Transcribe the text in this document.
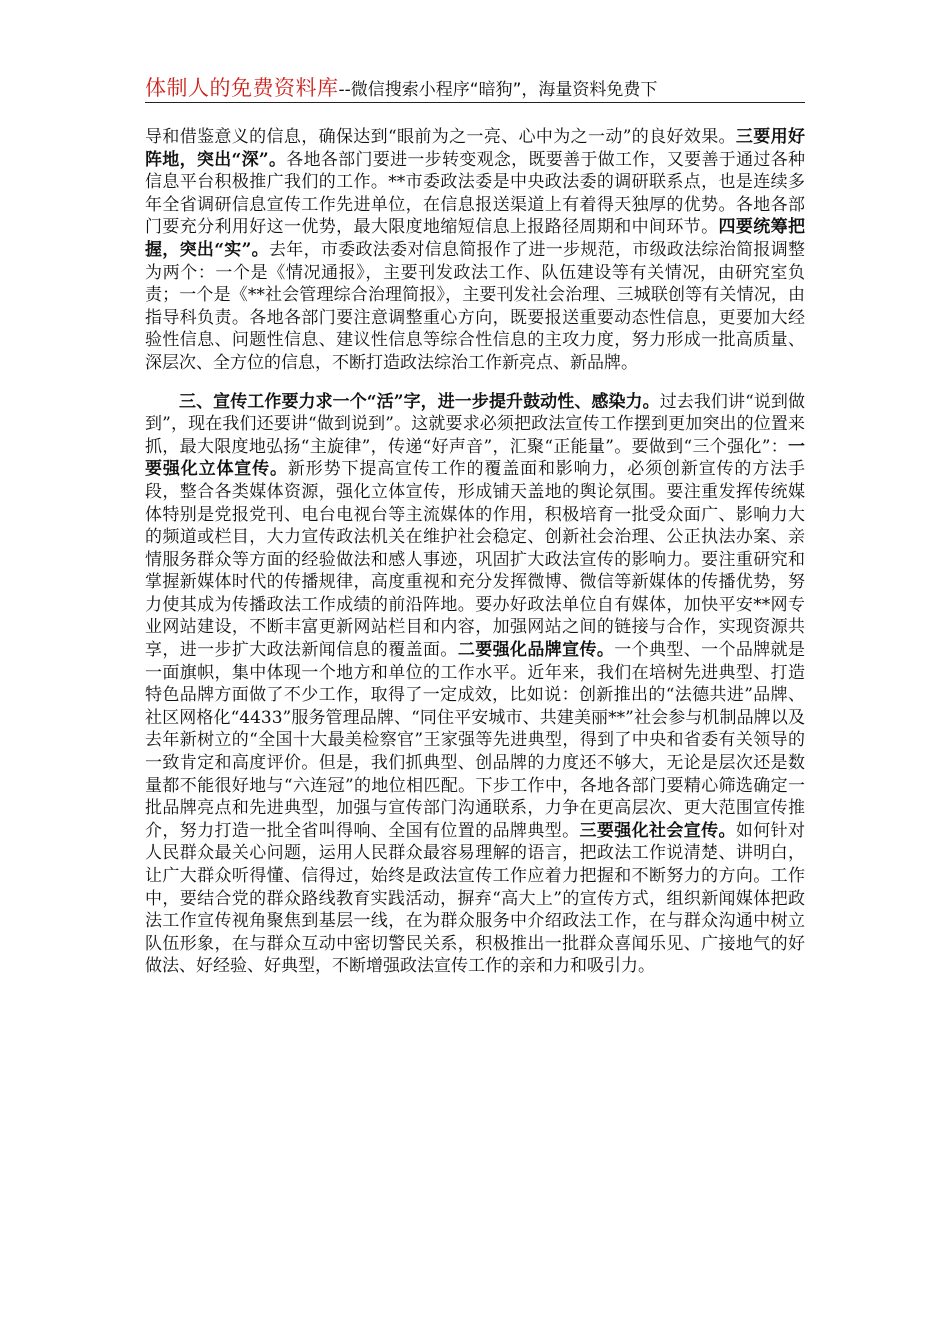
体制人的免费资料库--微信搜索小程序“暗狗”，海量资料免费下

导和借鉴意义的信息，确保达到“眼前为之一亮、心中为之一动”的良好效果。三要用好阵地，突出“深”。各地各部门要进一步转变观念，既要善于做工作，又要善于通过各种信息平台积极推广我们的工作。**市委政法委是中央政法委的调研联系点，也是连续多年全省调研信息宣传工作先进单位，在信息报送渠道上有着得天独厚的优势。各地各部门要充分利用好这一优势，最大限度地缩短信息上报路径周期和中间环节。四要统筹把握，突出“实”。去年，市委政法委对信息简报作了进一步规范，市级政法综治简报调整为两个：一个是《情况通报》，主要刊发政法工作、队伍建设等有关情况，由研究室负责；一个是《**社会管理综合治理简报》，主要刊发社会治理、三城联创等有关情况，由指导科负责。各地各部门要注意调整重心方向，既要报送重要动态性信息，更要加大经验性信息、问题性信息、建议性信息等综合性信息的主攻力度，努力形成一批高质量、深层次、全方位的信息，不断打造政法综治工作新亮点、新品牌。

三、宣传工作要力求一个“活”字，进一步提升鼓动性、感染力。过去我们讲“说到做到”，现在我们还要讲“做到说到”。这就要求必须把政法宣传工作摆到更加突出的位置来抓，最大限度地弘扬“主旋律”，传递“好声音”，汇聚“正能量”。要做到“三个强化”：一要强化立体宣传。新形势下提高宣传工作的覆盖面和影响力，必须创新宣传的方法手段，整合各类媒体资源，强化立体宣传，形成铺天盖地的舆论氛围。要注重发挥传统媒体特别是党报党刊、电台电视台等主流媒体的作用，积极培育一批受众面广、影响力大的频道或栏目，大力宣传政法机关在维护社会稳定、创新社会治理、公正执法办案、亲情服务群众等方面的经验做法和感人事迹，巩固扩大政法宣传的影响力。要注重研究和掌握新媒体时代的传播规律，高度重视和充分发挥微博、微信等新媒体的传播优势，努力使其成为传播政法工作成绩的前沿阵地。要办好政法单位自有媒体，加快平安**网专业网站建设，不断丰富更新网站栏目和内容，加强网站之间的链接与合作，实现资源共享，进一步扩大政法新闻信息的覆盖面。二要强化品牌宣传。一个典型、一个品牌就是一面旗帜，集中体现一个地方和单位的工作水平。近年来，我们在培树先进典型、打造特色品牌方面做了不少工作，取得了一定成效，比如说：创新推出的“法德共进”品牌、社区网格化“4433”服务管理品牌、“同住平安城市、共建美丽**”社会参与机制品牌以及去年新树立的“全国十大最美检察官”王家强等先进典型，得到了中央和省委有关领导的一致肯定和高度评价。但是，我们抓典型、创品牌的力度还不够大，无论是层次还是数量都不能很好地与“六连冠”的地位相匹配。下步工作中，各地各部门要精心筛选确定一批品牌亮点和先进典型，加强与宣传部门沟通联系，力争在更高层次、更大范围宣传推介，努力打造一批全省叫得响、全国有位置的品牌典型。三要强化社会宣传。如何针对人民群众最关心问题，运用人民群众最容易理解的语言，把政法工作说清楚、讲明白，让广大群众听得懂、信得过，始终是政法宣传工作应着力把握和不断努力的方向。工作中，要结合党的群众路线教育实践活动，摒弃“高大上”的宣传方式，组织新闻媒体把政法工作宣传视角聚焦到基层一线，在为群众服务中介绍政法工作，在与群众沟通中树立队伍形象，在与群众互动中密切警民关系，积极推出一批群众喜闻乐见、广接地气的好做法、好经验、好典型，不断增强政法宣传工作的亲和力和吸引力。
